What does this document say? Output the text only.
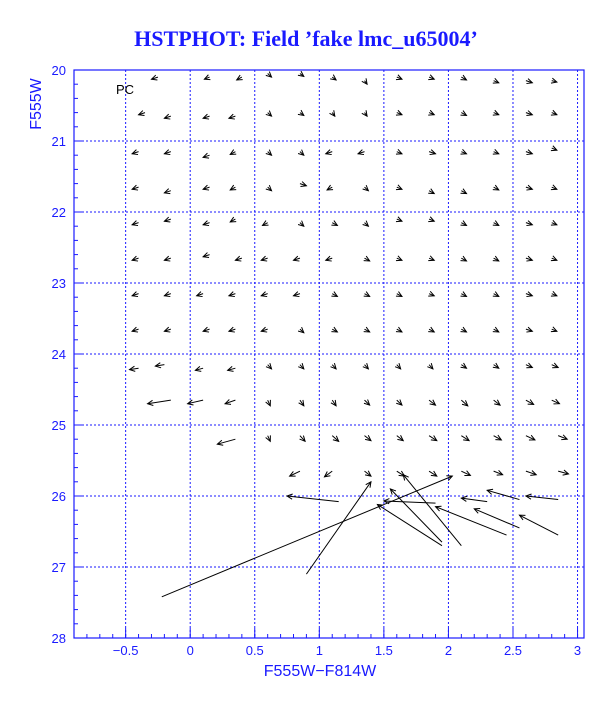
HSTPHOT: Field ’fake lmc_u65004’
−0.5	0	0.5	1	1.5	2	2.5	3
20
21
22
23
24
25
26
27
28
F555W−F814W
F555W	PC
